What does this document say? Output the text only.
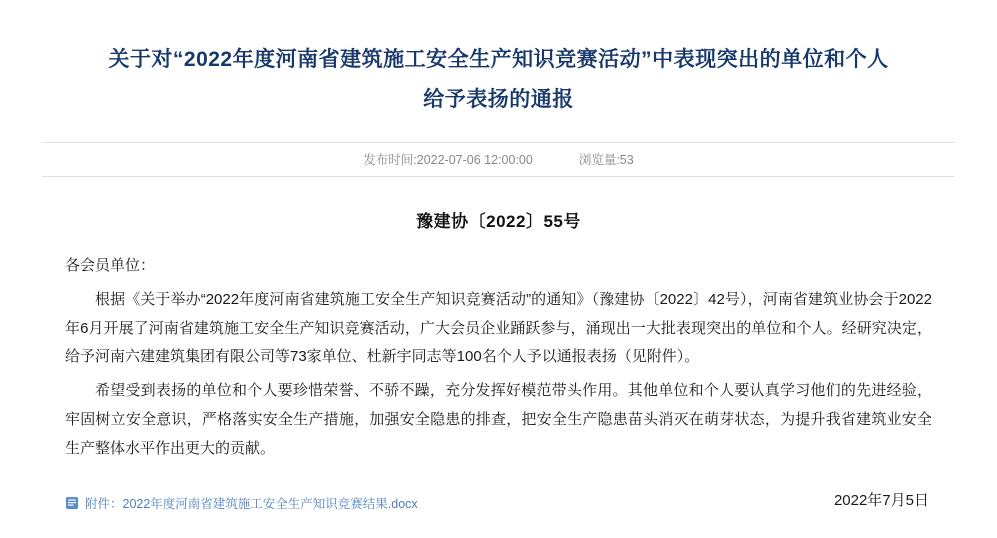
关于对“2022年度河南省建筑施工安全生产知识竞赛活动”中表现突出的单位和个人给予表扬的通报
发布时间:2022-07-06 12:00:00	浏览量:53
豫建协〔2022〕55号

各会员单位：

根据《关于举办“2022年度河南省建筑施工安全生产知识竞赛活动”的通知》（豫建协〔2022〕42号），河南省建筑业协会于2022年6月开展了河南省建筑施工安全生产知识竞赛活动，广大会员企业踊跃参与，涌现出一大批表现突出的单位和个人。经研究决定，给予河南六建建筑集团有限公司等73家单位、杜新宇同志等100名个人予以通报表扬（见附件）。

希望受到表扬的单位和个人要珍惜荣誉、不骄不躁，充分发挥好模范带头作用。其他单位和个人要认真学习他们的先进经验，牢固树立安全意识，严格落实安全生产措施，加强安全隐患的排查，把安全生产隐患苗头消灭在萌芽状态，为提升我省建筑业安全生产整体水平作出更大的贡献。

附件：2022年度河南省建筑施工安全生产知识竞赛结果.docx	2022年7月5日
